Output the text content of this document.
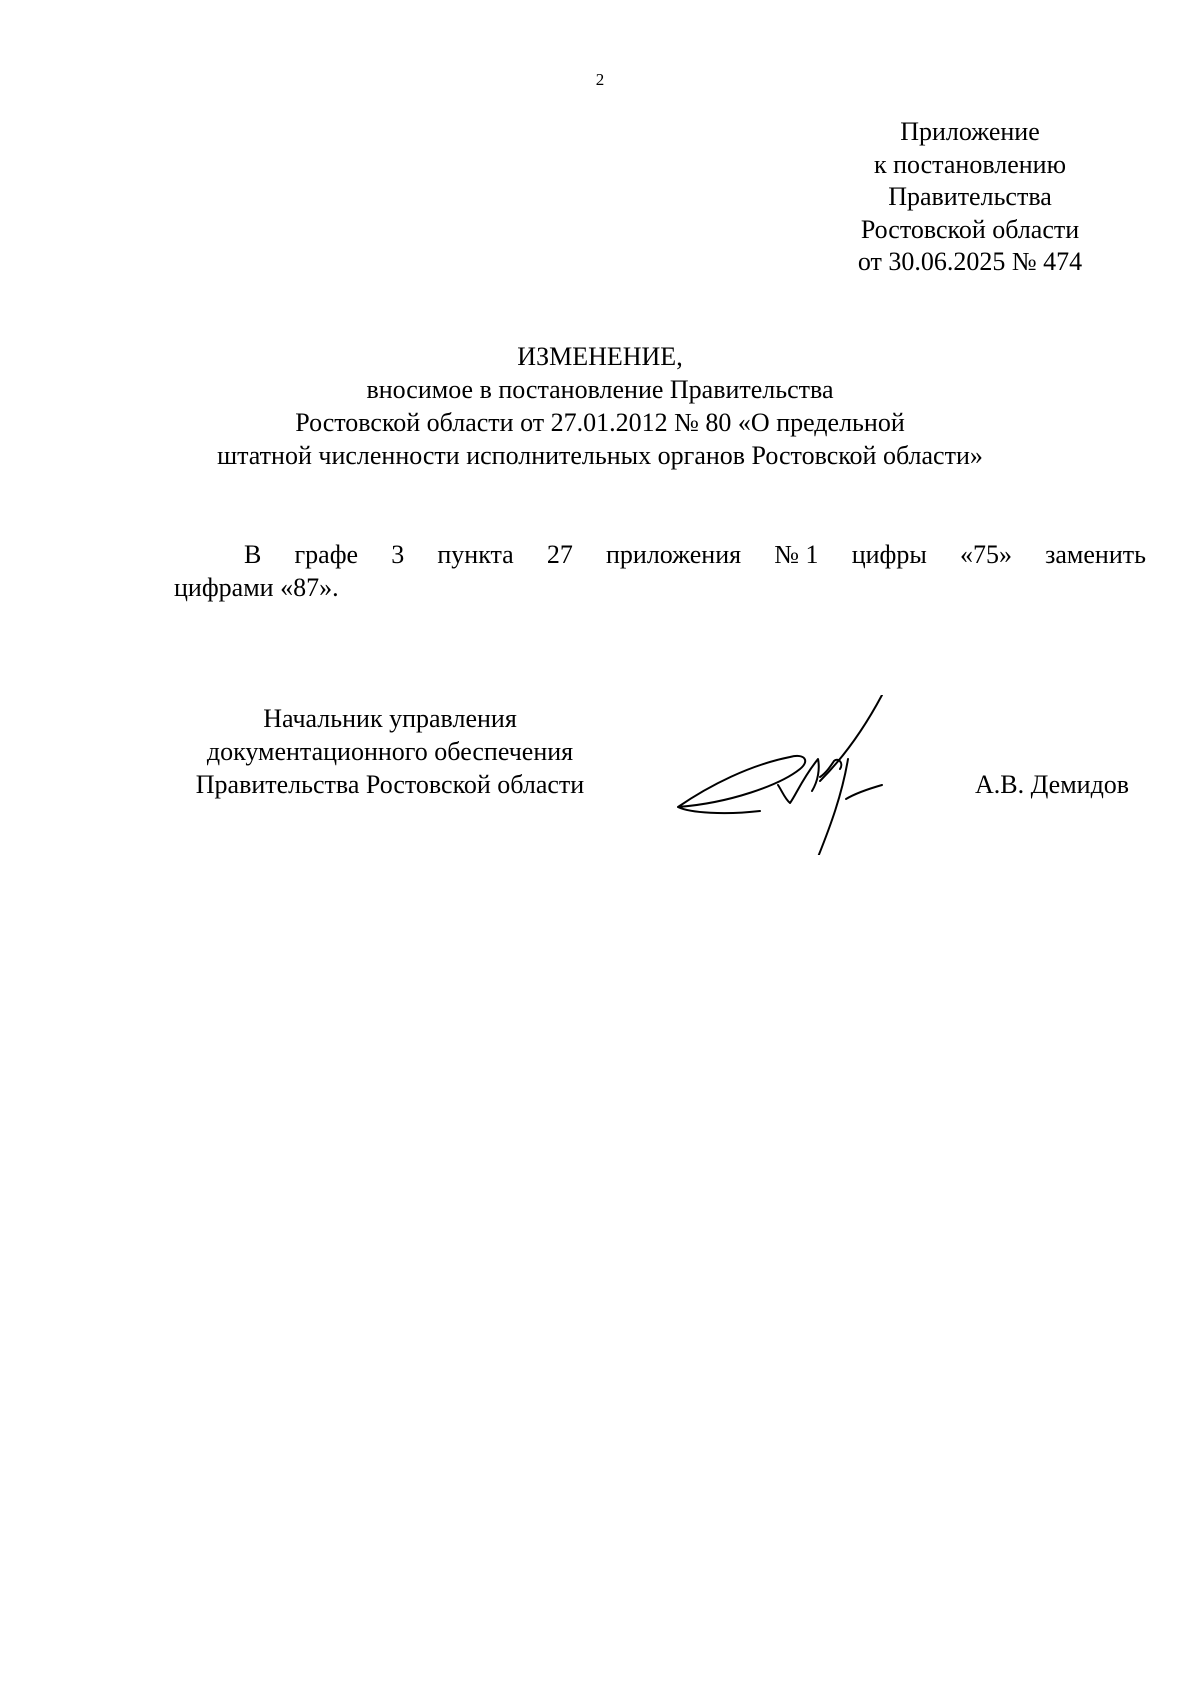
2
Приложение
к постановлению
Правительства
Ростовской области
от 30.06.2025 № 474
ИЗМЕНЕНИЕ,
вносимое в постановление Правительства
Ростовской области от 27.01.2012 № 80 «О предельной
штатной численности исполнительных органов Ростовской области»
В графе 3 пункта 27 приложения № 1 цифры «75» заменить
цифрами «87».
Начальник управления
документационного обеспечения
Правительства Ростовской области	А.В. Демидов
